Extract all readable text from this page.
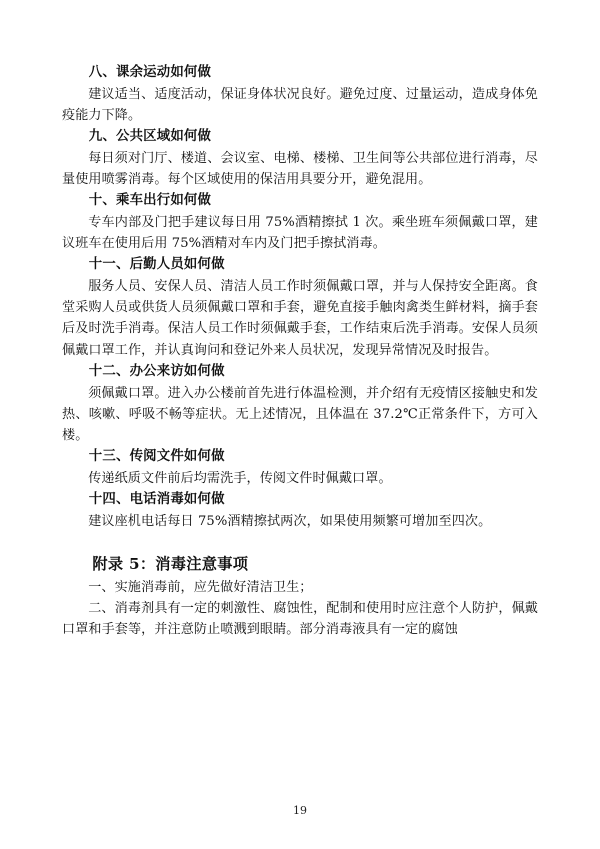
八、课余运动如何做

建议适当、适度活动，保证身体状况良好。避免过度、过量运动，造成身体免疫能力下降。

九、公共区域如何做

每日须对门厅、楼道、会议室、电梯、楼梯、卫生间等公共部位进行消毒，尽量使用喷雾消毒。每个区域使用的保洁用具要分开，避免混用。

十、乘车出行如何做

专车内部及门把手建议每日用 75%酒精擦拭 1 次。乘坐班车须佩戴口罩，建议班车在使用后用 75%酒精对车内及门把手擦拭消毒。

十一、后勤人员如何做

服务人员、安保人员、清洁人员工作时须佩戴口罩，并与人保持安全距离。食堂采购人员或供货人员须佩戴口罩和手套，避免直接手触肉禽类生鲜材料，摘手套后及时洗手消毒。保洁人员工作时须佩戴手套，工作结束后洗手消毒。安保人员须佩戴口罩工作，并认真询问和登记外来人员状况，发现异常情况及时报告。

十二、办公来访如何做

须佩戴口罩。进入办公楼前首先进行体温检测，并介绍有无疫情区接触史和发热、咳嗽、呼吸不畅等症状。无上述情况，且体温在 37.2℃正常条件下，方可入楼。

十三、传阅文件如何做

传递纸质文件前后均需洗手，传阅文件时佩戴口罩。

十四、电话消毒如何做

建议座机电话每日 75%酒精擦拭两次，如果使用频繁可增加至四次。

附录 5：消毒注意事项

一、实施消毒前，应先做好清洁卫生；

二、消毒剂具有一定的刺激性、腐蚀性，配制和使用时应注意个人防护，佩戴口罩和手套等，并注意防止喷溅到眼睛。部分消毒液具有一定的腐蚀

19
